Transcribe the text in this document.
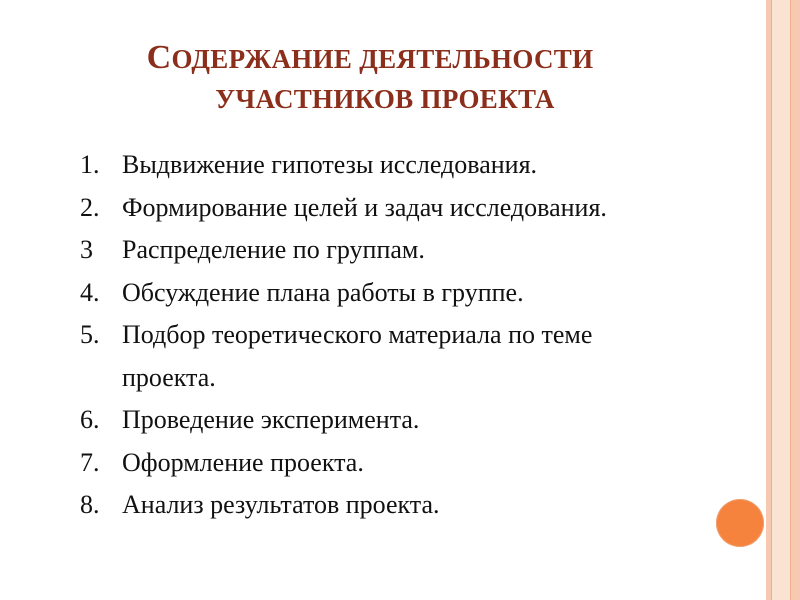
СОДЕРЖАНИЕ ДЕЯТЕЛЬНОСТИ
УЧАСТНИКОВ ПРОЕКТА
1. Выдвижение гипотезы исследования.
2. Формирование целей и задач исследования.
3 Распределение по группам.
4. Обсуждение плана работы в группе.
5. Подбор теоретического материала по теме
проекта.
6. Проведение эксперимента.
7. Оформление проекта.
8. Анализ результатов проекта.
